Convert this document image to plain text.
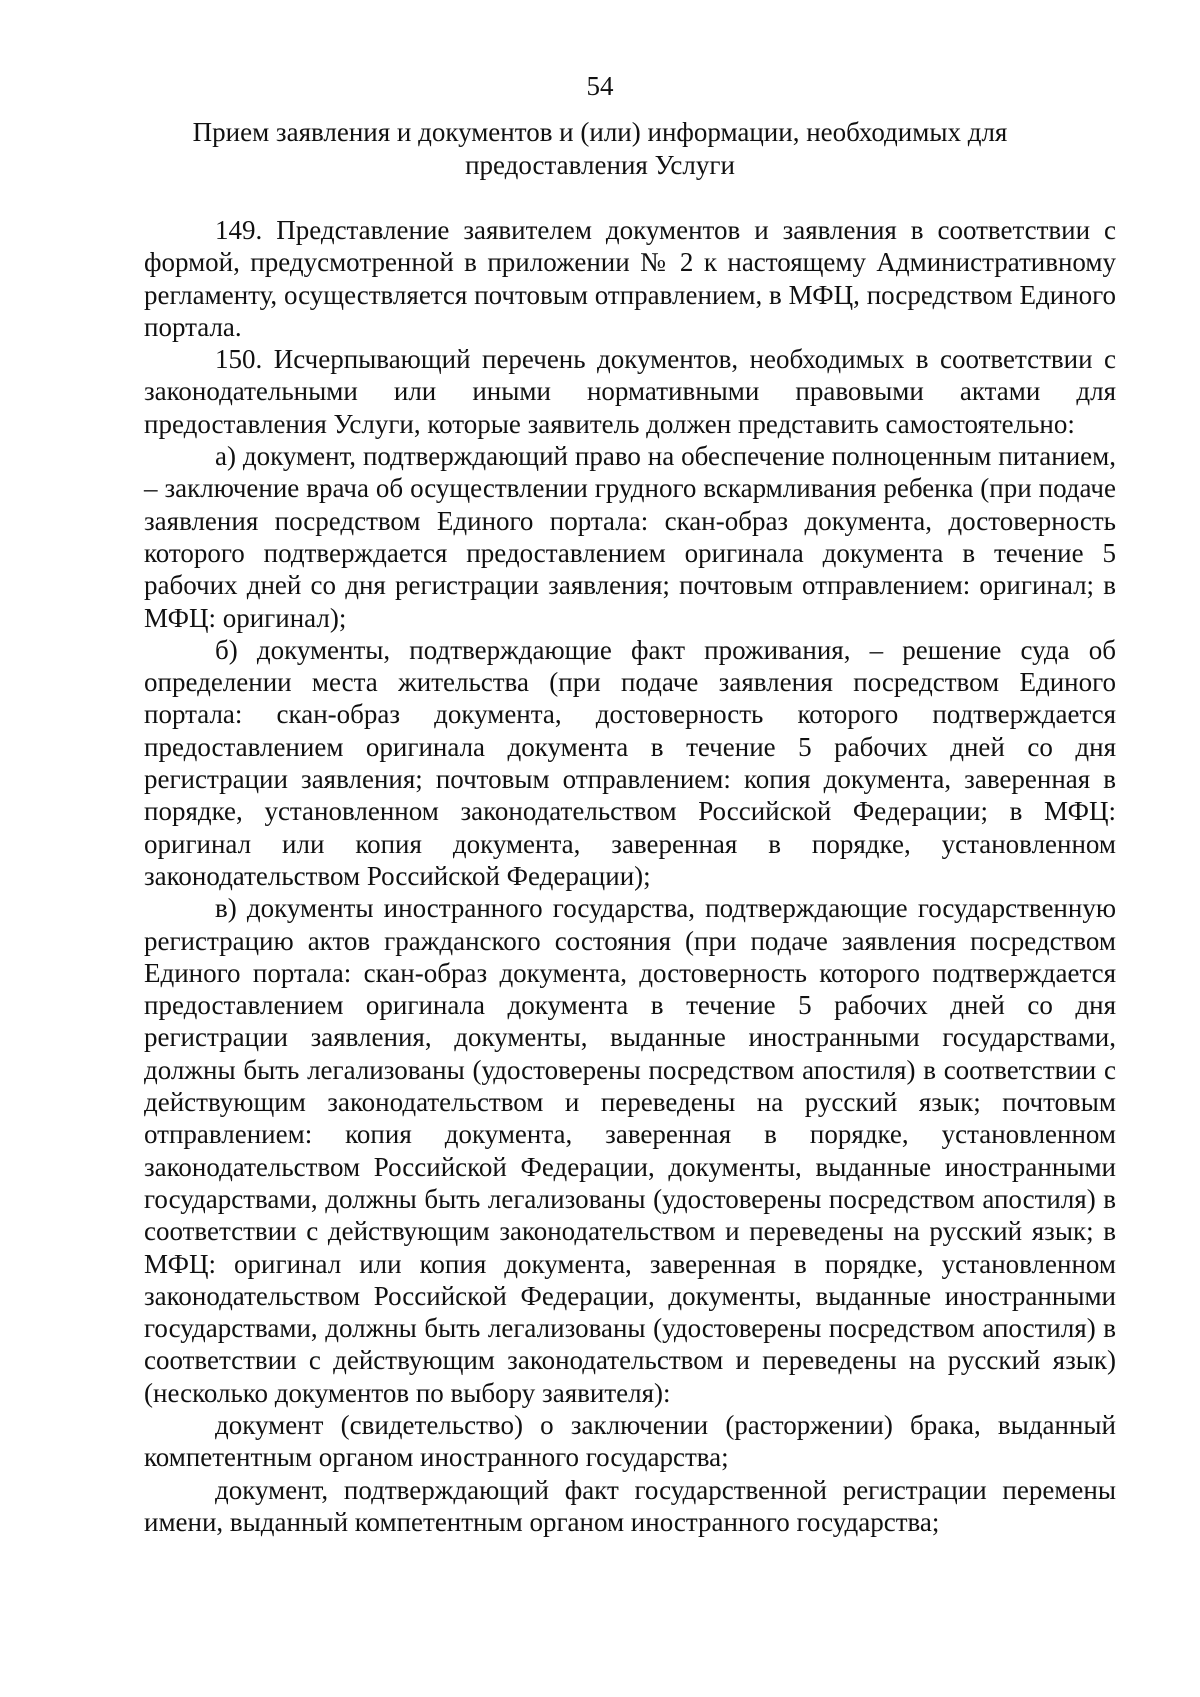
54
Прием заявления и документов и (или) информации, необходимых для предоставления Услуги

149. Представление заявителем документов и заявления в соответствии с формой, предусмотренной в приложении № 2 к настоящему Административному регламенту, осуществляется почтовым отправлением, в МФЦ, посредством Единого портала.

150. Исчерпывающий перечень документов, необходимых в соответствии с законодательными или иными нормативными правовыми актами для предоставления Услуги, которые заявитель должен представить самостоятельно:

а) документ, подтверждающий право на обеспечение полноценным питанием, – заключение врача об осуществлении грудного вскармливания ребенка (при подаче заявления посредством Единого портала: скан-образ документа, достоверность которого подтверждается предоставлением оригинала документа в течение 5 рабочих дней со дня регистрации заявления; почтовым отправлением: оригинал; в МФЦ: оригинал);

б) документы, подтверждающие факт проживания, – решение суда об определении места жительства (при подаче заявления посредством Единого портала: скан-образ документа, достоверность которого подтверждается предоставлением оригинала документа в течение 5 рабочих дней со дня регистрации заявления; почтовым отправлением: копия документа, заверенная в порядке, установленном законодательством Российской Федерации; в МФЦ: оригинал или копия документа, заверенная в порядке, установленном законодательством Российской Федерации);

в) документы иностранного государства, подтверждающие государственную регистрацию актов гражданского состояния (при подаче заявления посредством Единого портала: скан-образ документа, достоверность которого подтверждается предоставлением оригинала документа в течение 5 рабочих дней со дня регистрации заявления, документы, выданные иностранными государствами, должны быть легализованы (удостоверены посредством апостиля) в соответствии с действующим законодательством и переведены на русский язык; почтовым отправлением: копия документа, заверенная в порядке, установленном законодательством Российской Федерации, документы, выданные иностранными государствами, должны быть легализованы (удостоверены посредством апостиля) в соответствии с действующим законодательством и переведены на русский язык; в МФЦ: оригинал или копия документа, заверенная в порядке, установленном законодательством Российской Федерации, документы, выданные иностранными государствами, должны быть легализованы (удостоверены посредством апостиля) в соответствии с действующим законодательством и переведены на русский язык) (несколько документов по выбору заявителя):

документ (свидетельство) о заключении (расторжении) брака, выданный компетентным органом иностранного государства;

документ, подтверждающий факт государственной регистрации перемены имени, выданный компетентным органом иностранного государства;
